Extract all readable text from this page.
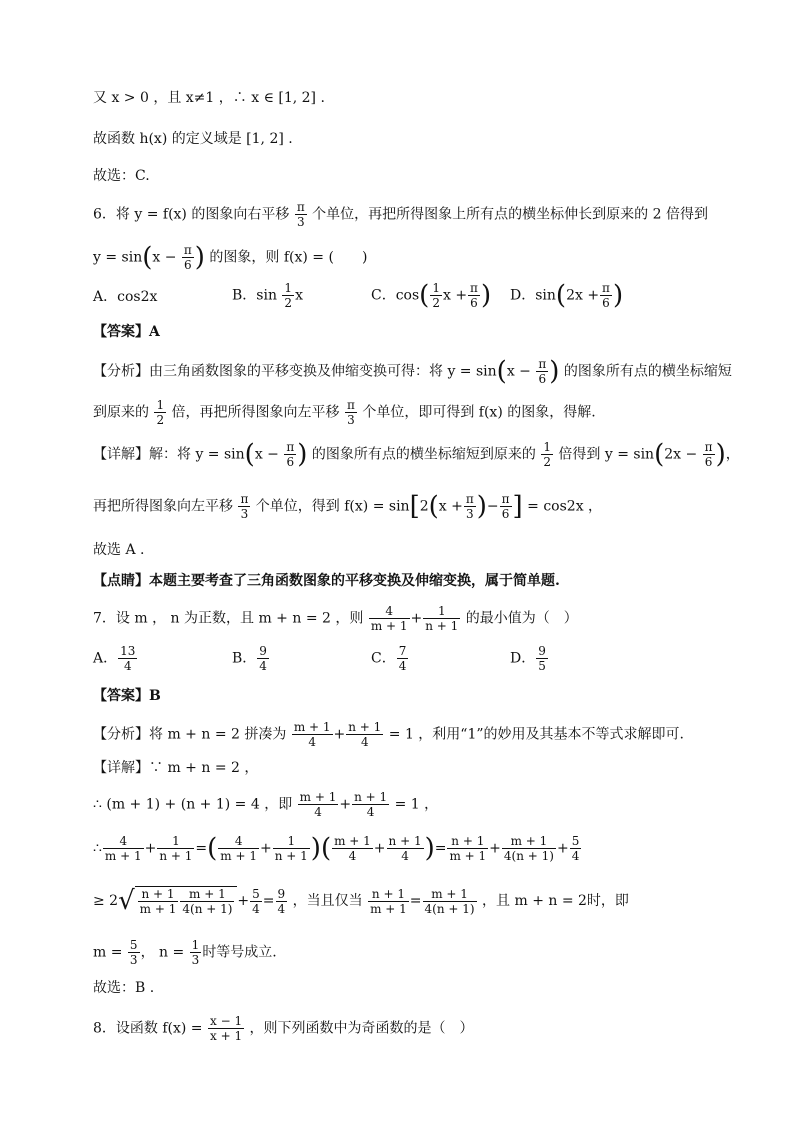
又 x > 0 ，且 x≠1 ，∴ x ∈ [1, 2] .
故函数 h(x) 的定义域是 [1, 2] .
故选：C.
6．将 y = f(x) 的图象向右平移 $\frac{\pi}{3}$ 个单位，再把所得图象上所有点的横坐标伸长到原来的 2 倍得到
$y = \sin(x - \frac{\pi}{6}$ ) 的图象，则 f(x) = (　　)
A．cos2x	B．$\sin \frac{1}{2}$ x	C．$\cos( \frac{1}{2}$ $x + \frac{\pi}{6}$ ) D．$\sin(2x + \frac{\pi}{6}$ )
【答案】A
【分析】由三角函数图象的平移变换及伸缩变换可得：将 $y = \sin(x - \frac{\pi}{6}$ ) 的图象所有点的横坐标缩短
到原来的 $\frac{1}{2}$ 倍，再把所得图象向左平移 $\frac{\pi}{3}$ 个单位，即可得到 f(x) 的图象，得解.
【详解】解：将 $y = \sin(x - \frac{\pi}{6}$ ) 的图象所有点的横坐标缩短到原来的 $\frac{1}{2}$ 倍得到 $y = \sin(2x - \frac{\pi}{6}$ )，
再把所得图象向左平移 $\frac{\pi}{3}$ 个单位，得到 $f(x) = \sin[2(x + \frac{\pi}{3}$ )− $\frac{\pi}{6}$ ] = cos2x ，
故选 A .
【点睛】本题主要考查了三角函数图象的平移变换及伸缩变换，属于简单题.
7．设 m ， n 为正数，且 m + n = 2 ，则 $\frac{4}{m + 1} + \frac{1}{n + 1}$ 的最小值为（　）
A． $\frac{13}{4}$	B． $\frac{9}{4}$	C． $\frac{7}{4}$	D． $\frac{9}{5}$
【答案】B
【分析】将 m + n = 2 拼凑为 $\frac{m + 1}{4} + \frac{n + 1}{4} = 1$ ，利用“1”的妙用及其基本不等式求解即可.
【详解】∵ m + n = 2 ，
∴ (m + 1) + (n + 1) = 4 ，即 $\frac{m + 1}{4} + \frac{n + 1}{4} = 1$ ，
∴ $\frac{4}{m + 1} + \frac{1}{n + 1}$ =( $\frac{4}{m + 1} + \frac{1}{n + 1}$ )( $\frac{m + 1}{4} + \frac{n + 1}{4}$ )= $\frac{n + 1}{m + 1} + \frac{m + 1}{4(n + 1)} + \frac{5}{4}$
≥ $2√ \frac{n + 1}{m + 1} \frac{m + 1}{4(n + 1)} + \frac{5}{4} = \frac{9}{4}$ ，当且仅当 $\frac{n + 1}{m + 1} = \frac{m + 1}{4(n + 1)}$ ，且 m + n = 2时，即
$m = \frac{5}{3}$ ， $n = \frac{1}{3}$ 时等号成立.
故选：B .
8．设函数 $f(x) = \frac{x - 1}{x + 1}$ ，则下列函数中为奇函数的是（　）
